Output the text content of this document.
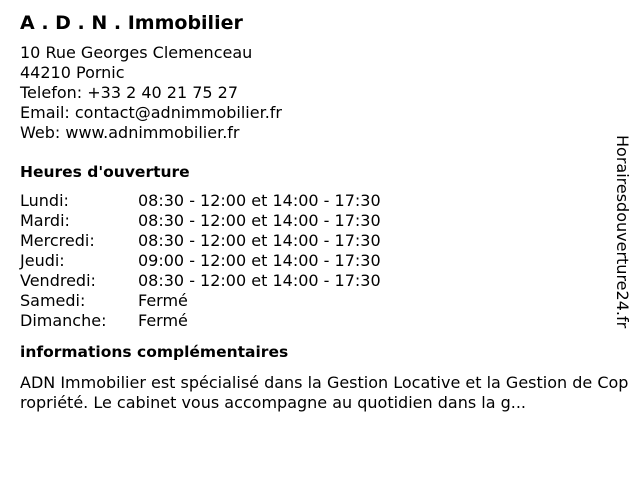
A . D . N . Immobilier
10 Rue Georges Clemenceau
44210 Pornic
Telefon: +33 2 40 21 75 27
Email: contact@adnimmobilier.fr
Web: www.adnimmobilier.fr
Heures d'ouverture
Lundi:	08:30 - 12:00 et 14:00 - 17:30
Mardi:	08:30 - 12:00 et 14:00 - 17:30
Mercredi:	08:30 - 12:00 et 14:00 - 17:30
Jeudi:	09:00 - 12:00 et 14:00 - 17:30
Vendredi:	08:30 - 12:00 et 14:00 - 17:30
Samedi:	Fermé
Dimanche: Fermé
informations complémentaires
ADN Immobilier est spécialisé dans la Gestion Locative et la Gestion de Copropriété. Le cabinet vous accompagne au quotidien dans la g...
Horairesdouverture24.fr
